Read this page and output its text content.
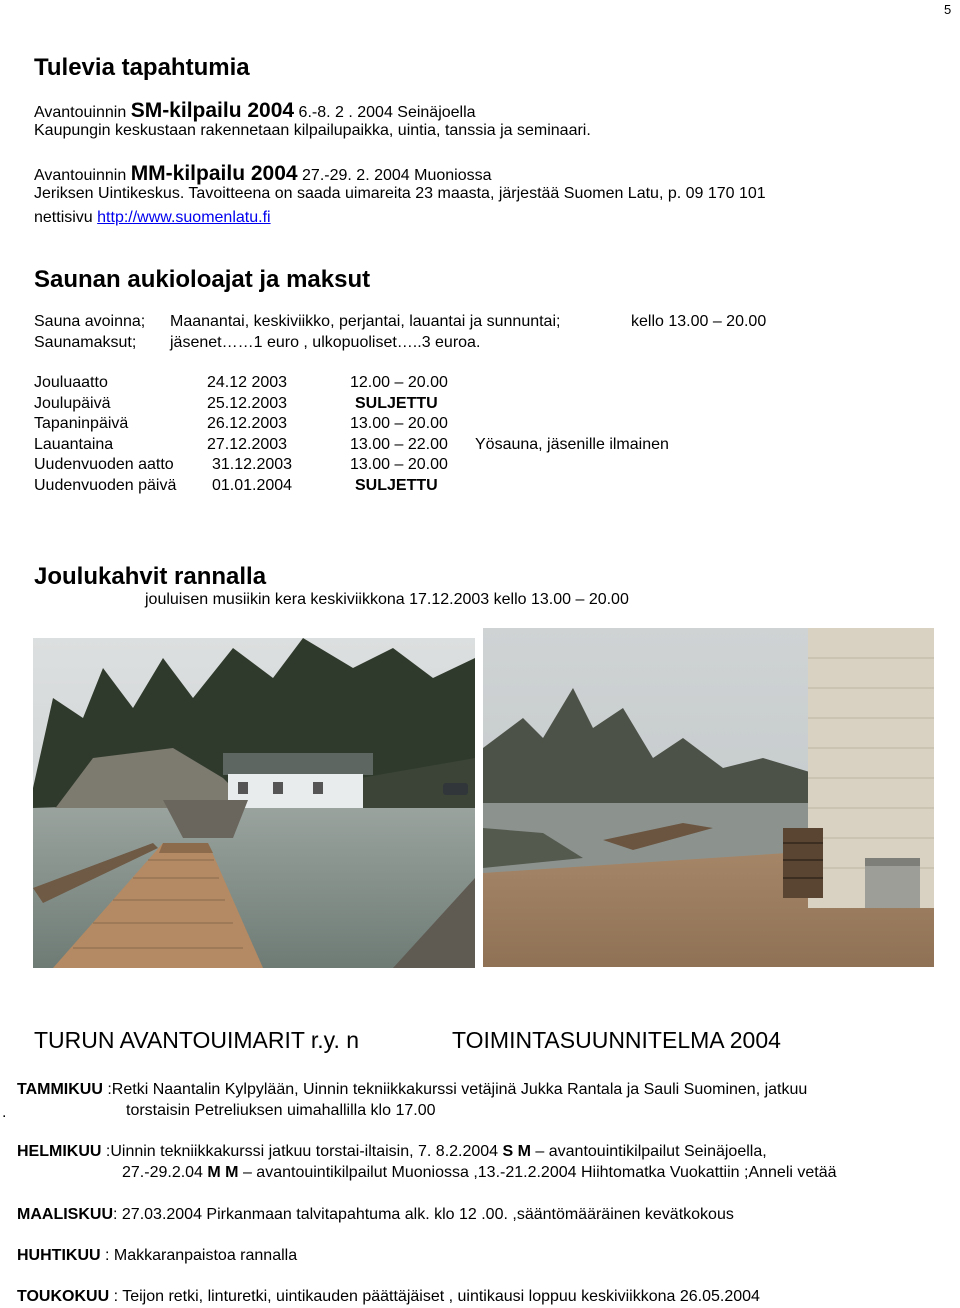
5
Tulevia tapahtumia
Avantouinnin SM-kilpailu 2004 6.-8. 2 . 2004 Seinäjoella
Kaupungin keskustaan rakennetaan kilpailupaikka, uintia, tanssia ja seminaari.
Avantouinnin MM-kilpailu 2004 27.-29. 2. 2004 Muoniossa
Jeriksen Uintikeskus. Tavoitteena on saada uimareita 23 maasta, järjestää Suomen Latu, p. 09 170 101
nettisivu http://www.suomenlatu.fi
Saunan aukioloajat ja maksut
Sauna avoinna; Maanantai, keskiviikko, perjantai, lauantai ja sunnuntai;	kello 13.00 – 20.00
Saunamaksut; jäsenet……1 euro , ulkopuoliset…..3 euroa.
Jouluaatto	24.12 2003	12.00 – 20.00
Joulupäivä	25.12.2003	SULJETTU
Tapaninpäivä	26.12.2003	13.00 – 20.00
Lauantaina	27.12.2003	13.00 – 22.00 Yösauna, jäsenille ilmainen
Uudenvuoden aatto 31.12.2003	13.00 – 20.00
Uudenvuoden päivä 01.01.2004	SULJETTU
Joulukahvit rannalla
jouluisen musiikin kera keskiviikkona 17.12.2003 kello 13.00 – 20.00
TURUN AVANTOUIMARIT r.y. n	TOIMINTASUUNNITELMA 2004
.
TAMMIKUU :Retki Naantalin Kylpylään, Uinnin tekniikkakurssi vetäjinä Jukka Rantala ja Sauli Suominen, jatkuu
torstaisin Petreliuksen uimahallilla klo 17.00
HELMIKUU :Uinnin tekniikkakurssi jatkuu torstai-iltaisin, 7. 8.2.2004 S M – avantouintikilpailut Seinäjoella,
27.-29.2.04 M M – avantouintikilpailut Muoniossa ,13.-21.2.2004 Hiihtomatka Vuokattiin ;Anneli vetää
MAALISKUU: 27.03.2004 Pirkanmaan talvitapahtuma alk. klo 12 .00. ,sääntömääräinen kevätkokous
HUHTIKUU : Makkaranpaistoa rannalla
TOUKOKUU : Teijon retki, linturetki, uintikauden päättäjäiset , uintikausi loppuu keskiviikkona 26.05.2004
